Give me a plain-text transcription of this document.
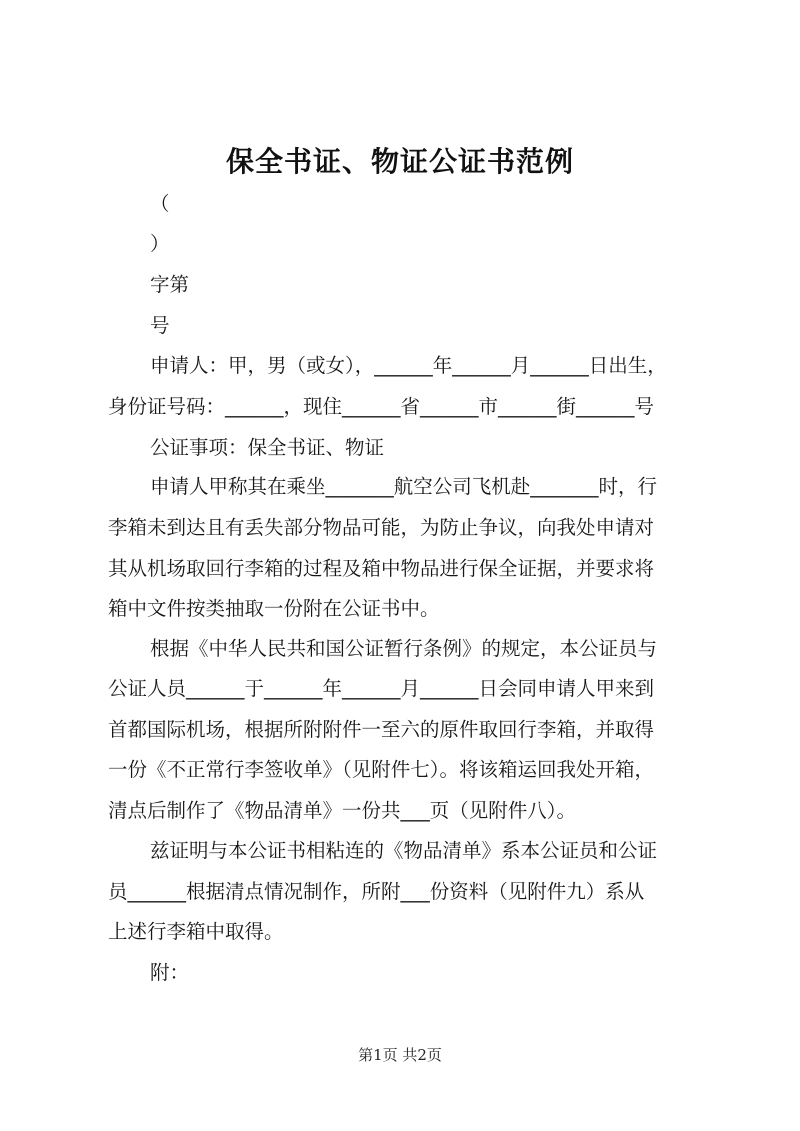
保全书证、物证公证书范例
（
）
字第
号
申请人：甲，男（或女），______年______月______日出生，
身份证号码：______，现住______省______市______街______号
公证事项：保全书证、物证
申请人甲称其在乘坐_______航空公司飞机赴_______时，行
李箱未到达且有丢失部分物品可能，为防止争议，向我处申请对
其从机场取回行李箱的过程及箱中物品进行保全证据，并要求将
箱中文件按类抽取一份附在公证书中。
根据《中华人民共和国公证暂行条例》的规定，本公证员与
公证人员______于______年______月______日会同申请人甲来到
首都国际机场，根据所附附件一至六的原件取回行李箱，并取得
一份《不正常行李签收单》（见附件七）。将该箱运回我处开箱，
清点后制作了《物品清单》一份共___页（见附件八）。
兹证明与本公证书相粘连的《物品清单》系本公证员和公证
员______根据清点情况制作，所附___份资料（见附件九）系从
上述行李箱中取得。
附：
第1页 共2页
